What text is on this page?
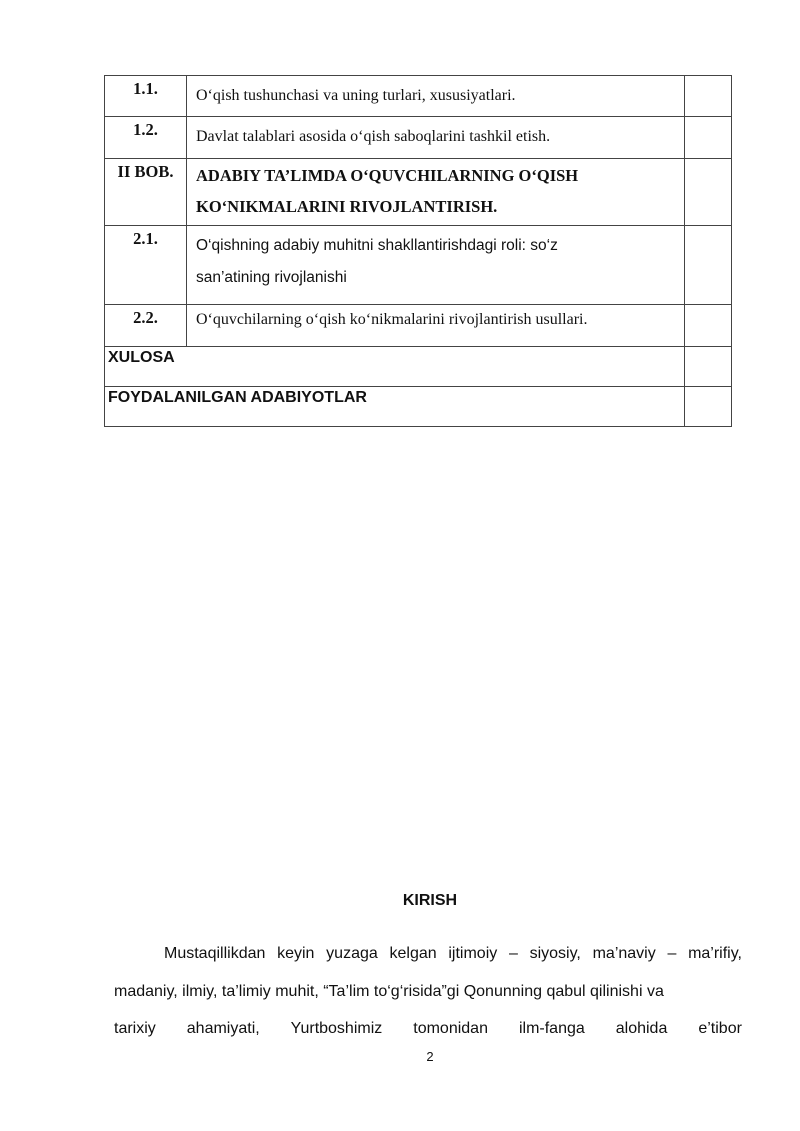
1.1.	O‘qish tushunchasi va uning turlari, xususiyatlari.	
1.2.	Davlat talablari asosida o‘qish saboqlarini tashkil etish.	
II BOB.	ADABIY TA’LIMDA O‘QUVCHILARNING O‘QISH KO‘NIKMALARINI RIVOJLANTIRISH.	
2.1.	O‘qishning adabiy muhitni shakllantirishdagi roli: so‘z
san’atining rivojlanishi	

2.2.	O‘quvchilarning o‘qish ko‘nikmalarini rivojlantirish usullari.	
XULOSA		
FOYDALANILGAN ADABIYOTLAR		
KIRISH
Mustaqillikdan keyin yuzaga kelgan ijtimoiy – siyosiy, ma’naviy – ma’rifiy, madaniy, ilmiy, ta’limiy muhit, “Ta’lim to‘g‘risida”gi Qonunning qabul qilinishi va
tarixiy ahamiyati, Yurtboshimiz tomonidan ilm-fanga alohida e’tibor
2
